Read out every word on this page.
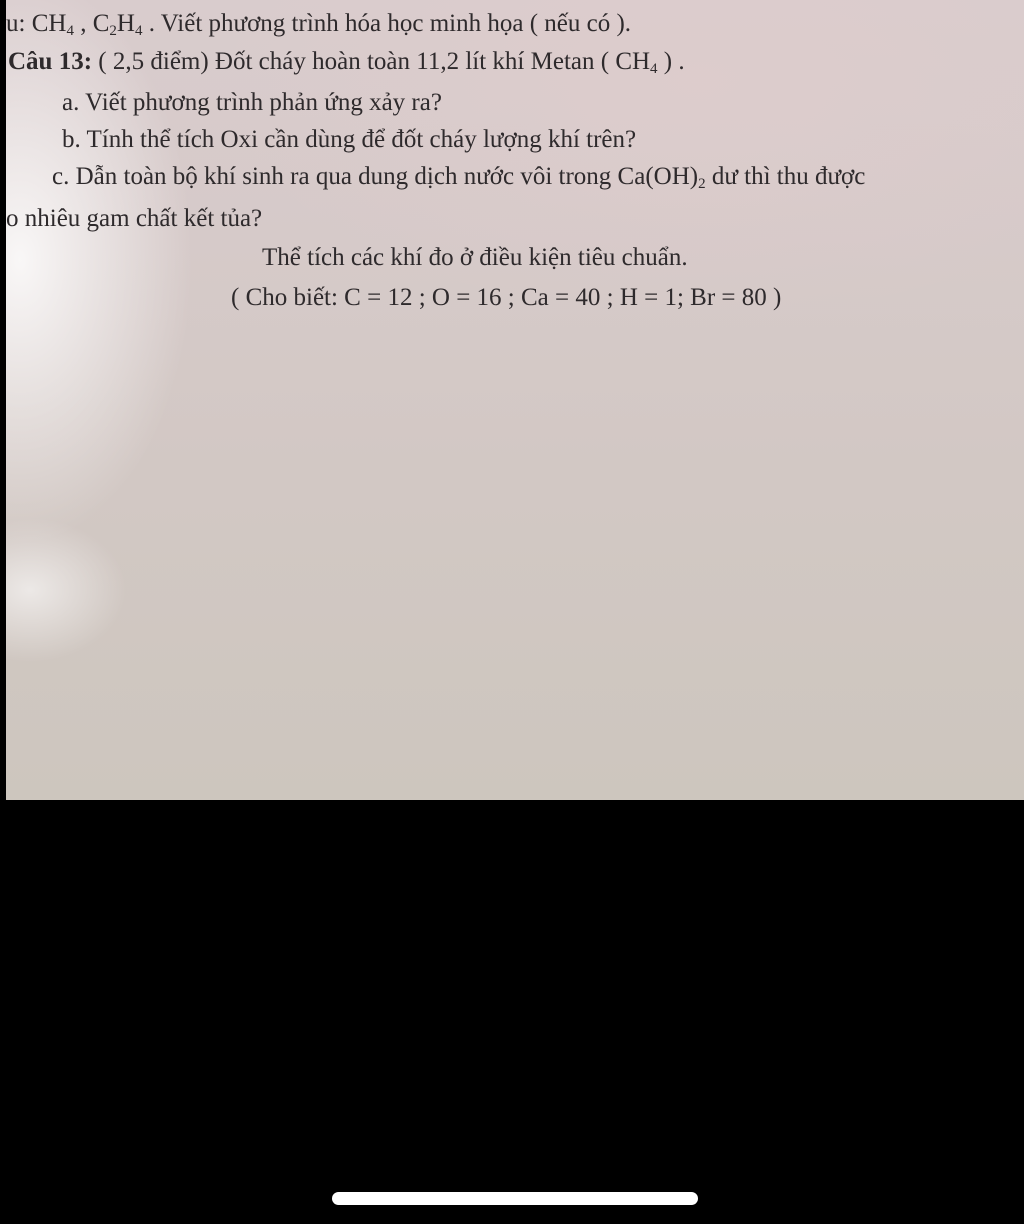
u: $CH_4$ , $C_2H_4$ . Viết phương trình hóa học minh họa ( nếu có ).
Câu 13: ( 2,5 điểm) Đốt cháy hoàn toàn 11,2 lít khí Metan ( $CH_4$ ) .
a. Viết phương trình phản ứng xảy ra?
b. Tính thể tích Oxi cần dùng để đốt cháy lượng khí trên?
c. Dẫn toàn bộ khí sinh ra qua dung dịch nước vôi trong $Ca(OH)_2$ dư thì thu được
o nhiêu gam chất kết tủa?
Thể tích các khí đo ở điều kiện tiêu chuẩn.
( Cho biết: C = 12 ; O = 16 ; Ca = 40 ; H = 1; Br = 80 )
